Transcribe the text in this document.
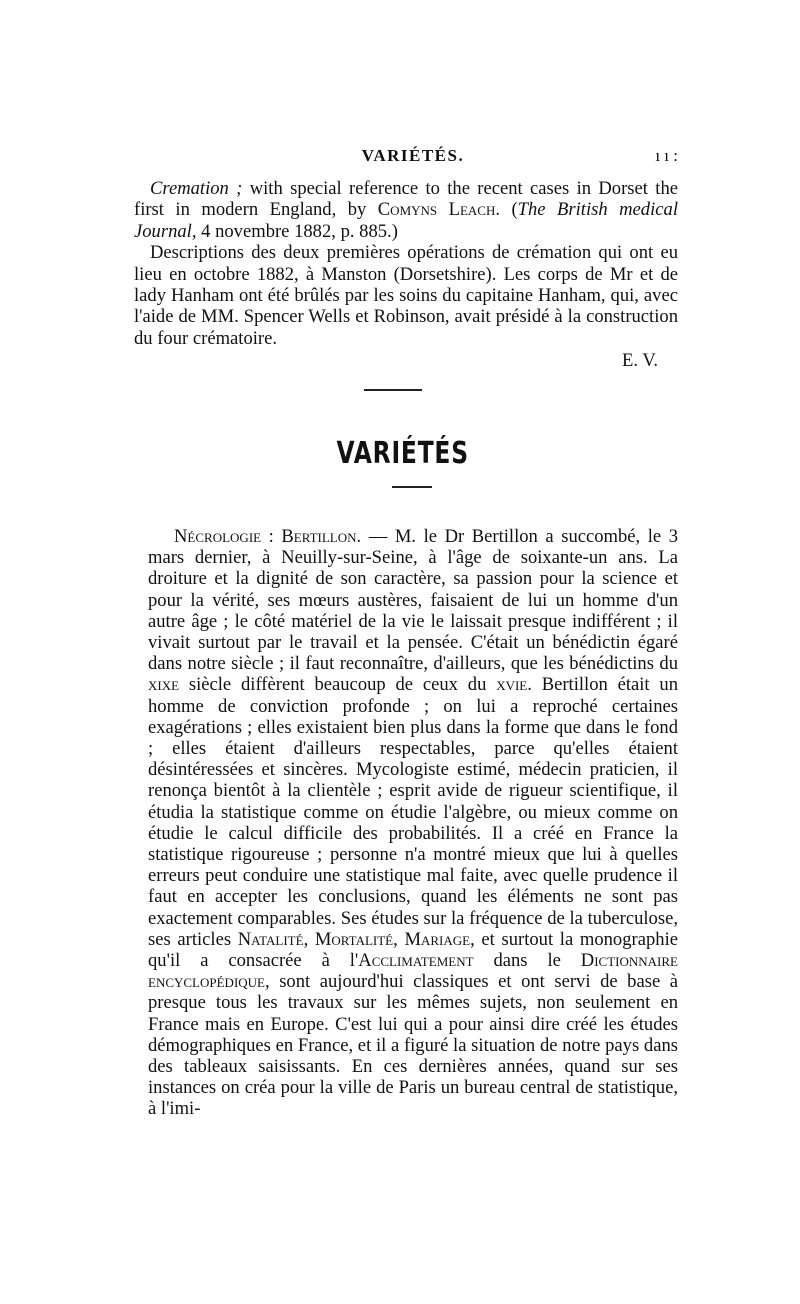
VARIÉTÉS.	ı ı :

Cremation ; with special reference to the recent cases in Dorset the first in modern England, by Comyns Leach. (The British medical Journal, 4 novembre 1882, p. 885.)

Descriptions des deux premières opérations de crémation qui ont eu lieu en octobre 1882, à Manston (Dorsetshire). Les corps de Mr et de lady Hanham ont été brûlés par les soins du capitaine Hanham, qui, avec l'aide de MM. Spencer Wells et Robinson, avait présidé à la construction du four crématoire.

E. V.

VARIÉTÉS

Nécrologie : Bertillon. — M. le Dr Bertillon a succombé, le 3 mars dernier, à Neuilly-sur-Seine, à l'âge de soixante-un ans. La droiture et la dignité de son caractère, sa passion pour la science et pour la vérité, ses mœurs austères, faisaient de lui un homme d'un autre âge ; le côté matériel de la vie le laissait presque indifférent ; il vivait surtout par le travail et la pensée. C'était un bénédictin égaré dans notre siècle ; il faut reconnaître, d'ailleurs, que les bénédictins du xixe siècle diffèrent beaucoup de ceux du xvie. Bertillon était un homme de conviction profonde ; on lui a reproché certaines exagérations ; elles existaient bien plus dans la forme que dans le fond ; elles étaient d'ailleurs respectables, parce qu'elles étaient désintéressées et sincères. Mycologiste estimé, médecin praticien, il renonça bientôt à la clientèle ; esprit avide de rigueur scientifique, il étudia la statistique comme on étudie l'algèbre, ou mieux comme on étudie le calcul difficile des probabilités. Il a créé en France la statistique rigoureuse ; personne n'a montré mieux que lui à quelles erreurs peut conduire une statistique mal faite, avec quelle prudence il faut en accepter les conclusions, quand les éléments ne sont pas exactement comparables. Ses études sur la fréquence de la tuberculose, ses articles Natalité, Mortalité, Mariage, et surtout la monographie qu'il a consacrée à l'Acclimatement dans le Dictionnaire encyclopédique, sont aujourd'hui classiques et ont servi de base à presque tous les travaux sur les mêmes sujets, non seulement en France mais en Europe. C'est lui qui a pour ainsi dire créé les études démographiques en France, et il a figuré la situation de notre pays dans des tableaux saisissants. En ces dernières années, quand sur ses instances on créa pour la ville de Paris un bureau central de statistique, à l'imi-
